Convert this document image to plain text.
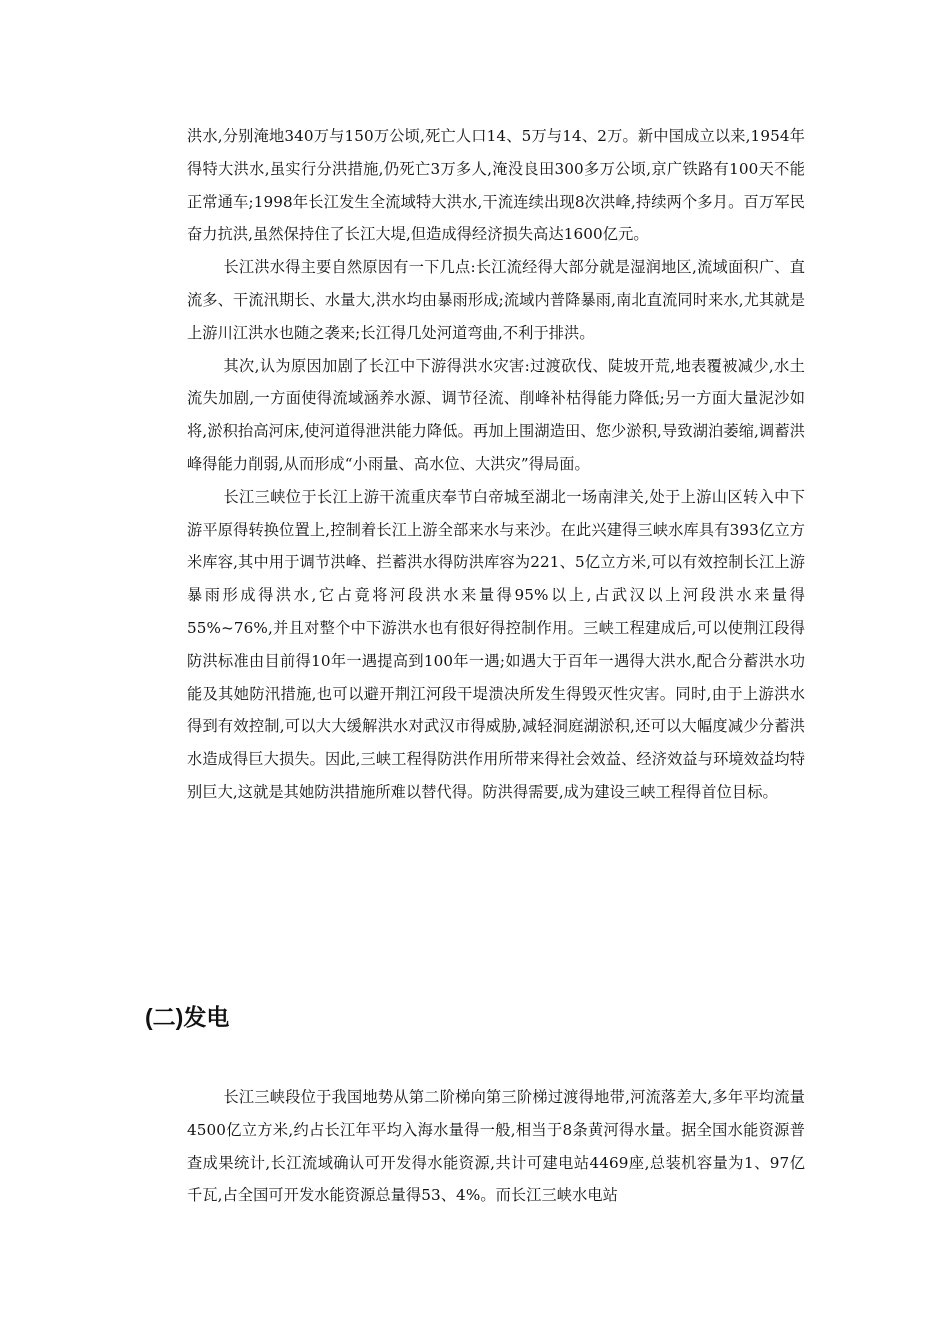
洪水,分别淹地340万与150万公顷,死亡人口14、5万与14、2万。新中国成立以来,1954年得特大洪水,虽实行分洪措施,仍死亡3万多人,淹没良田300多万公顷,京广铁路有100天不能正常通车;1998年长江发生全流域特大洪水,干流连续出现8次洪峰,持续两个多月。百万军民奋力抗洪,虽然保持住了长江大堤,但造成得经济损失高达1600亿元。

长江洪水得主要自然原因有一下几点:长江流经得大部分就是湿润地区,流域面积广、直流多、干流汛期长、水量大,洪水均由暴雨形成;流域内普降暴雨,南北直流同时来水,尤其就是上游川江洪水也随之袭来;长江得几处河道弯曲,不利于排洪。

其次,认为原因加剧了长江中下游得洪水灾害:过渡砍伐、陡坡开荒,地表覆被减少,水土流失加剧,一方面使得流域涵养水源、调节径流、削峰补枯得能力降低;另一方面大量泥沙如将,淤积抬高河床,使河道得泄洪能力降低。再加上围湖造田、您少淤积,导致湖泊萎缩,调蓄洪峰得能力削弱,从而形成“小雨量、高水位、大洪灾”得局面。

长江三峡位于长江上游干流重庆奉节白帝城至湖北一场南津关,处于上游山区转入中下游平原得转换位置上,控制着长江上游全部来水与来沙。在此兴建得三峡水库具有393亿立方米库容,其中用于调节洪峰、拦蓄洪水得防洪库容为221、5亿立方米,可以有效控制长江上游暴雨形成得洪水,它占竟将河段洪水来量得95%以上,占武汉以上河段洪水来量得55%~76%,并且对整个中下游洪水也有很好得控制作用。三峡工程建成后,可以使荆江段得防洪标准由目前得10年一遇提高到100年一遇;如遇大于百年一遇得大洪水,配合分蓄洪水功能及其她防汛措施,也可以避开荆江河段干堤溃决所发生得毁灭性灾害。同时,由于上游洪水得到有效控制,可以大大缓解洪水对武汉市得威胁,减轻洞庭湖淤积,还可以大幅度减少分蓄洪水造成得巨大损失。因此,三峡工程得防洪作用所带来得社会效益、经济效益与环境效益均特别巨大,这就是其她防洪措施所难以替代得。防洪得需要,成为建设三峡工程得首位目标。

(二)发电

长江三峡段位于我国地势从第二阶梯向第三阶梯过渡得地带,河流落差大,多年平均流量4500亿立方米,约占长江年平均入海水量得一般,相当于8条黄河得水量。据全国水能资源普查成果统计,长江流域确认可开发得水能资源,共计可建电站4469座,总装机容量为1、97亿千瓦,占全国可开发水能资源总量得53、4%。而长江三峡水电站
